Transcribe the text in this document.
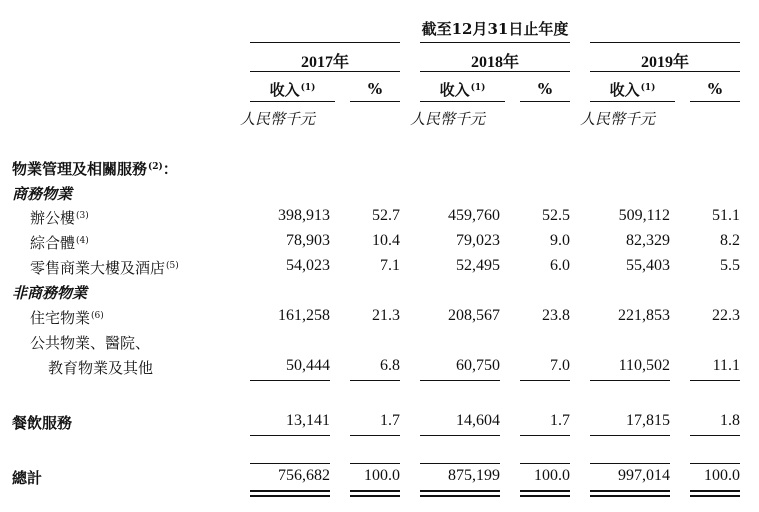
截至12月31日止年度
2017年	2018年	2019年
收入$^{(1)}$	%	收入$^{(1)}$	%	收入$^{(1)}$	%
人民幣千元	人民幣千元	人民幣千元
物業管理及相關服務$^{(2)}$：
商務物業
辦公樓$^{(3)}$	398,913	52.7	459,760	52.5	509,112	51.1
綜合體$^{(4)}$	78,903	10.4	79,023	9.0	82,329	8.2
零售商業大樓及酒店$^{(5)}$	54,023	7.1	52,495	6.0	55,403	5.5
非商務物業
住宅物業$^{(6)}$	161,258	21.3	208,567	23.8	221,853	22.3
公共物業、醫院、
教育物業及其他	50,444	6.8	60,750	7.0	110,502	11.1
餐飲服務	13,141	1.7	14,604	1.7	17,815	1.8
總計	756,682	100.0	875,199	100.0	997,014	100.0
